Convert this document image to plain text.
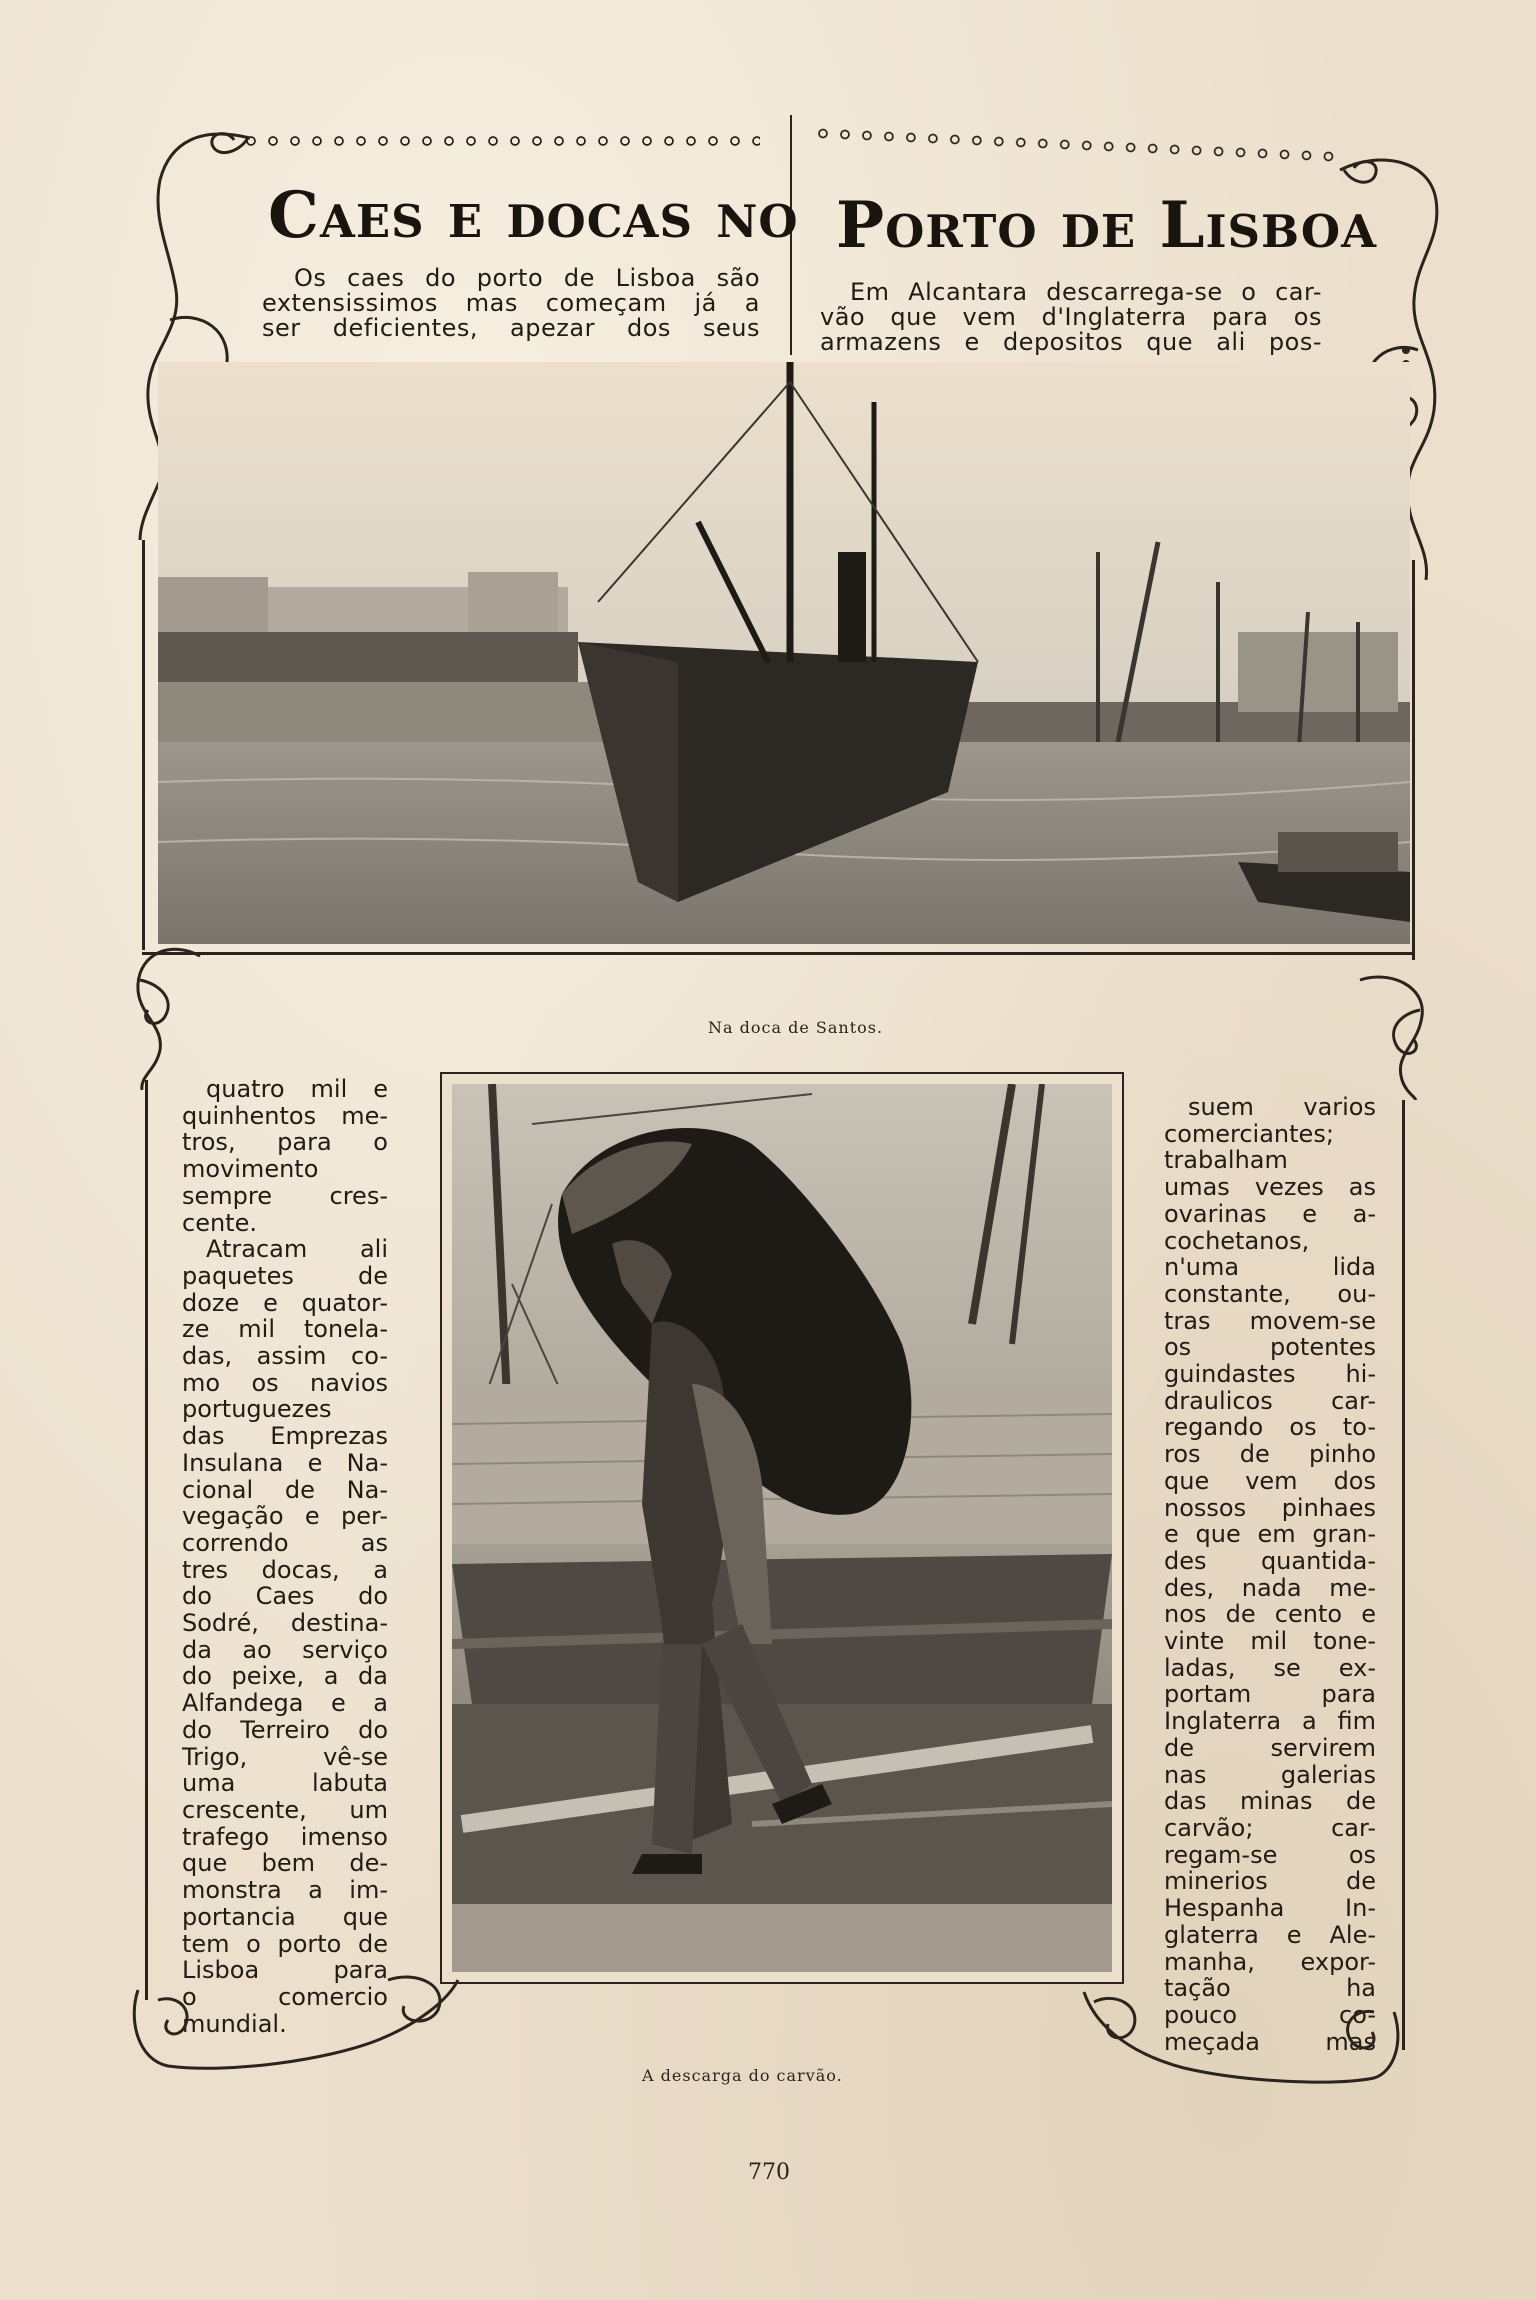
Caes e docas no Porto de Lisboa
Os caes do porto de Lisboa são
extensissimos mas começam já a
ser deficientes, apezar dos seus
Em Alcantara descarrega-se o car-
vão que vem d'Inglaterra para os
armazens e depositos que ali pos-
Na doca de Santos.
quatro mil e
quinhentos me-
tros, para o
movimento
sempre cres-
cente.
Atracam ali
paquetes de
doze e quator-
ze mil tonela-
das, assim co-
mo os navios
portuguezes
das Emprezas
Insulana e Na-
cional de Na-
vegação e per-
correndo as
tres docas, a
do Caes do
Sodré, destina-
da ao serviço
do peixe, a da
Alfandega e a
do Terreiro do
Trigo, vê-se
uma labuta
crescente, um
trafego imenso
que bem de-
monstra a im-
portancia que
tem o porto de
Lisboa para
o comercio
mundial.
suem varios
comerciantes;
trabalham
umas vezes as
ovarinas e a-
cochetanos,
n'uma lida
constante, ou-
tras movem-se
os potentes
guindastes hi-
draulicos car-
regando os to-
ros de pinho
que vem dos
nossos pinhaes
e que em gran-
des quantida-
des, nada me-
nos de cento e
vinte mil tone-
ladas, se ex-
portam para
Inglaterra a fim
de servirem
nas galerias
das minas de
carvão; car-
regam-se os
minerios de
Hespanha In-
glaterra e Ale-
manha, expor-
tação ha
pouco co-
meçada mas
A descarga do carvão.
770
